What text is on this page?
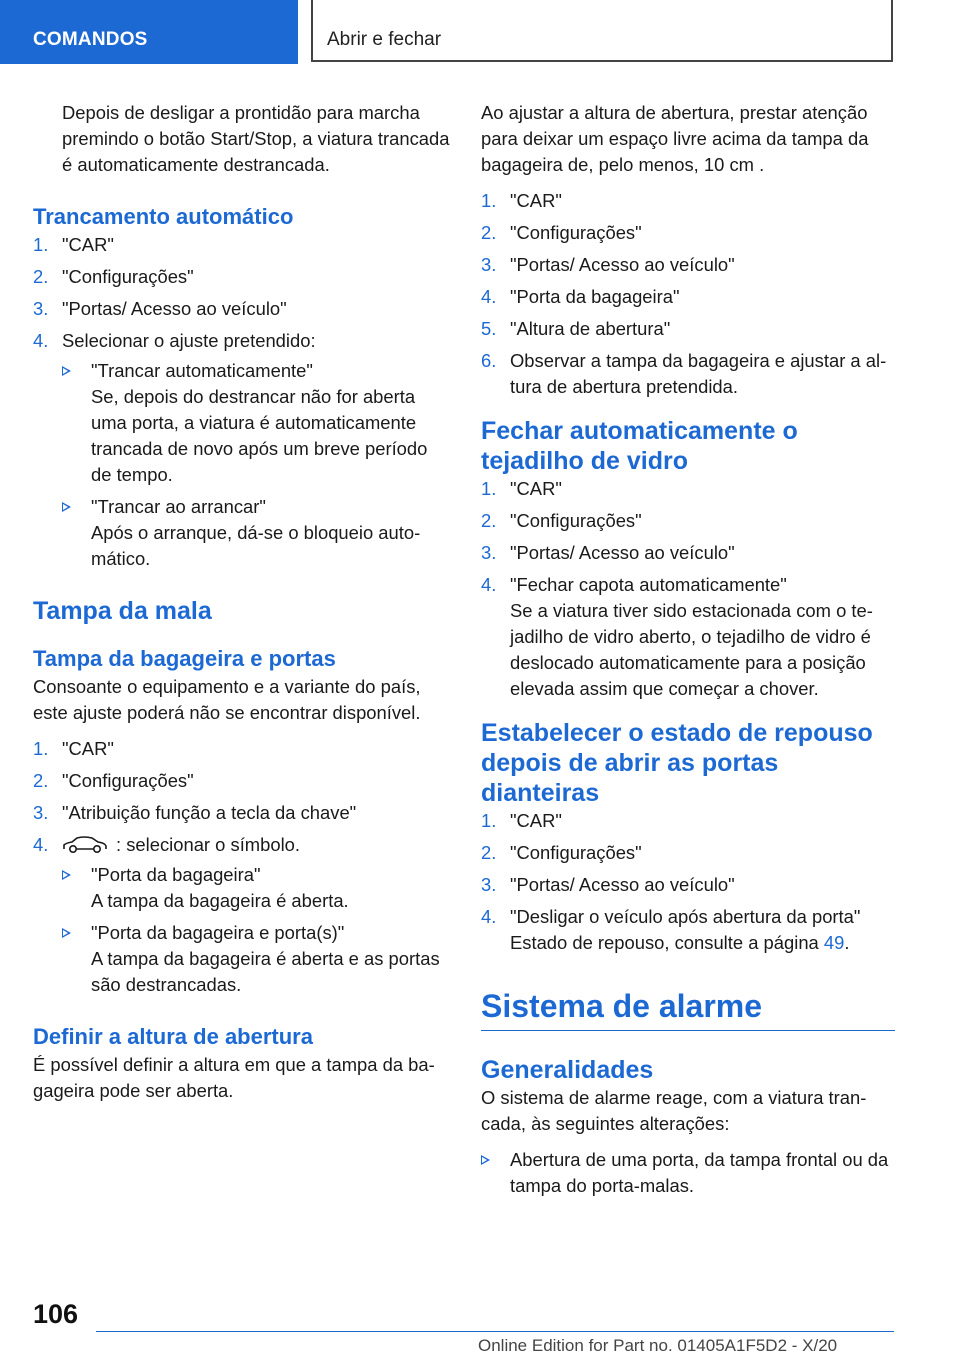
COMANDOS	Abrir e fechar

Depois de desligar a prontidão para marcha premindo o botão Start/Stop, a viatura trancada é automaticamente destrancada.

Trancamento automático
1. "CAR"
2. "Configurações"
3. "Portas/ Acesso ao veículo"
4. Selecionar o ajuste pretendido:
"Trancar automaticamente"
Se, depois do destrancar não for aberta uma porta, a viatura é automaticamente trancada de novo após um breve período de tempo.
"Trancar ao arrancar"
Após o arranque, dá-se o bloqueio automático.
Tampa da mala
Tampa da bagageira e portas

Consoante o equipamento e a variante do país, este ajuste poderá não se encontrar disponível.

1. "CAR"
2. "Configurações"
3. "Atribuição função a tecla da chave"
4.	: selecionar o símbolo.
"Porta da bagageira"
A tampa da bagageira é aberta.
"Porta da bagageira e porta(s)"
A tampa da bagageira é aberta e as portas são destrancadas.
Definir a altura de abertura

É possível definir a altura em que a tampa da bagageira pode ser aberta.

Ao ajustar a altura de abertura, prestar atenção para deixar um espaço livre acima da tampa da bagageira de, pelo menos, 10 cm .

1. "CAR"
2. "Configurações"
3. "Portas/ Acesso ao veículo"
4. "Porta da bagageira"
5. "Altura de abertura"
6. Observar a tampa da bagageira e ajustar a altura de abertura pretendida.
Fechar automaticamente o tejadilho de vidro
1. "CAR"
2. "Configurações"
3. "Portas/ Acesso ao veículo"
4. "Fechar capota automaticamente"
Se a viatura tiver sido estacionada com o tejadilho de vidro aberto, o tejadilho de vidro é deslocado automaticamente para a posição elevada assim que começar a chover.
Estabelecer o estado de repouso depois de abrir as portas dianteiras
1. "CAR"
2. "Configurações"
3. "Portas/ Acesso ao veículo"
4. "Desligar o veículo após abertura da porta"
Estado de repouso, consulte a página 49.
Sistema de alarme
Generalidades

O sistema de alarme reage, com a viatura trancada, às seguintes alterações:

Abertura de uma porta, da tampa frontal ou da tampa do porta-malas.
106
Online Edition for Part no. 01405A1F5D2 - X/20
